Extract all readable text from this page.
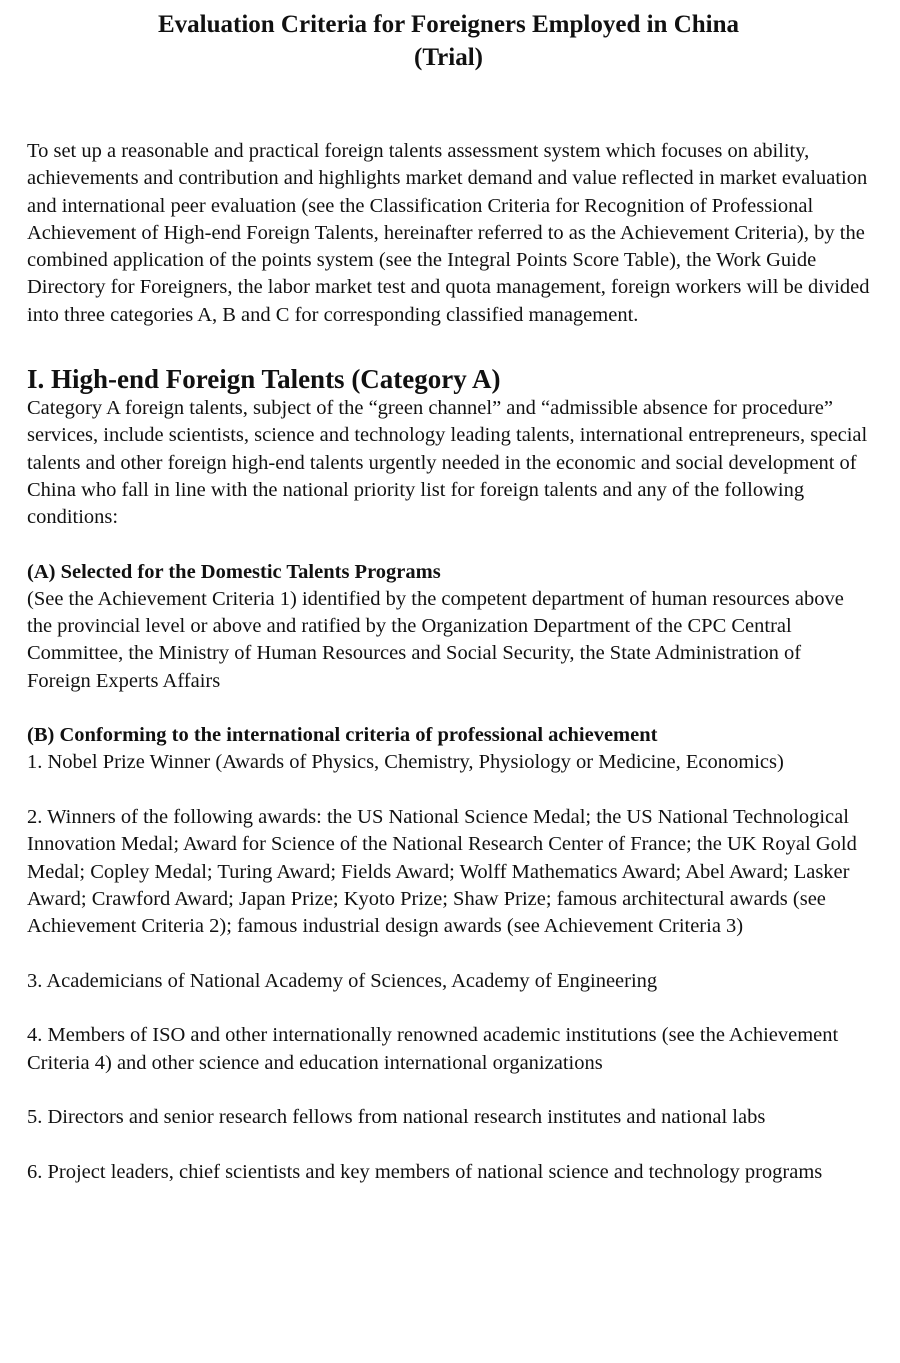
Evaluation Criteria for Foreigners Employed in China
(Trial)

To set up a reasonable and practical foreign talents assessment system which focuses on ability, achievements and contribution and highlights market demand and value reflected in market evaluation and international peer evaluation (see the Classification Criteria for Recognition of Professional Achievement of High-end Foreign Talents, hereinafter referred to as the Achievement Criteria), by the combined application of the points system (see the Integral Points Score Table), the Work Guide Directory for Foreigners, the labor market test and quota management, foreign workers will be divided into three categories A, B and C for corresponding classified management.

I. High-end Foreign Talents (Category A)

Category A foreign talents, subject of the “green channel” and “admissible absence for procedure” services, include scientists, science and technology leading talents, international entrepreneurs, special talents and other foreign high-end talents urgently needed in the economic and social development of China who fall in line with the national priority list for foreign talents and any of the following conditions:

(A) Selected for the Domestic Talents Programs

(See the Achievement Criteria 1) identified by the competent department of human resources above the provincial level or above and ratified by the Organization Department of the CPC Central Committee, the Ministry of Human Resources and Social Security, the State Administration of Foreign Experts Affairs

(B) Conforming to the international criteria of professional achievement

1. Nobel Prize Winner (Awards of Physics, Chemistry, Physiology or Medicine, Economics)

2. Winners of the following awards: the US National Science Medal; the US National Technological Innovation Medal; Award for Science of the National Research Center of France; the UK Royal Gold Medal; Copley Medal; Turing Award; Fields Award; Wolff Mathematics Award; Abel Award; Lasker Award; Crawford Award; Japan Prize; Kyoto Prize; Shaw Prize; famous architectural awards (see Achievement Criteria 2); famous industrial design awards (see Achievement Criteria 3)

3. Academicians of National Academy of Sciences, Academy of Engineering

4. Members of ISO and other internationally renowned academic institutions (see the Achievement Criteria 4) and other science and education international organizations

5. Directors and senior research fellows from national research institutes and national labs

6. Project leaders, chief scientists and key members of national science and technology programs
